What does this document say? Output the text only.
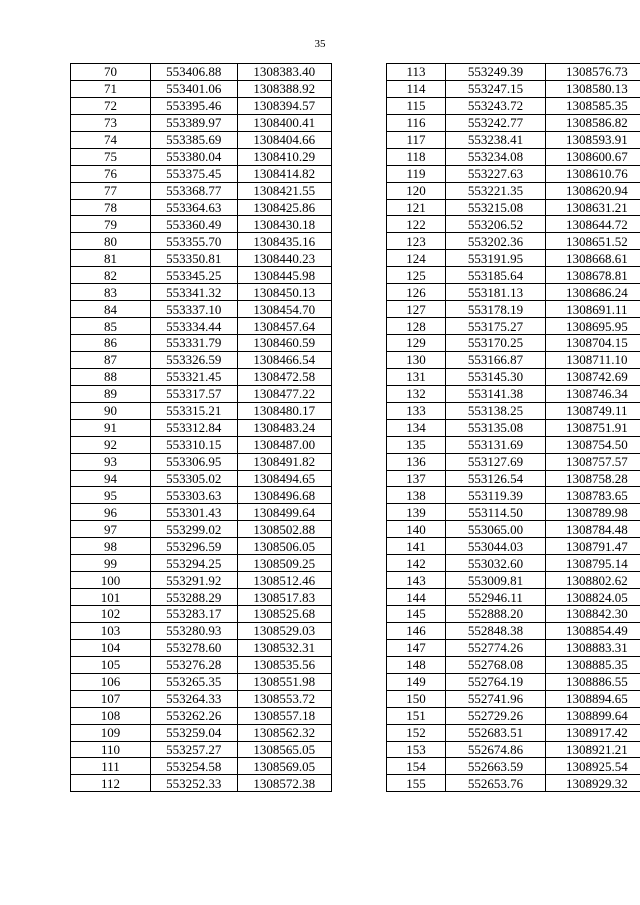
35
70	553406.88	1308383.40
71	553401.06	1308388.92
72	553395.46	1308394.57
73	553389.97	1308400.41
74	553385.69	1308404.66
75	553380.04	1308410.29
76	553375.45	1308414.82
77	553368.77	1308421.55
78	553364.63	1308425.86
79	553360.49	1308430.18
80	553355.70	1308435.16
81	553350.81	1308440.23
82	553345.25	1308445.98
83	553341.32	1308450.13
84	553337.10	1308454.70
85	553334.44	1308457.64
86	553331.79	1308460.59
87	553326.59	1308466.54
88	553321.45	1308472.58
89	553317.57	1308477.22
90	553315.21	1308480.17
91	553312.84	1308483.24
92	553310.15	1308487.00
93	553306.95	1308491.82
94	553305.02	1308494.65
95	553303.63	1308496.68
96	553301.43	1308499.64
97	553299.02	1308502.88
98	553296.59	1308506.05
99	553294.25	1308509.25
100	553291.92	1308512.46
101	553288.29	1308517.83
102	553283.17	1308525.68
103	553280.93	1308529.03
104	553278.60	1308532.31
105	553276.28	1308535.56
106	553265.35	1308551.98
107	553264.33	1308553.72
108	553262.26	1308557.18
109	553259.04	1308562.32
110	553257.27	1308565.05
111	553254.58	1308569.05
112	553252.33	1308572.38
113	553249.39	1308576.73
114	553247.15	1308580.13
115	553243.72	1308585.35
116	553242.77	1308586.82
117	553238.41	1308593.91
118	553234.08	1308600.67
119	553227.63	1308610.76
120	553221.35	1308620.94
121	553215.08	1308631.21
122	553206.52	1308644.72
123	553202.36	1308651.52
124	553191.95	1308668.61
125	553185.64	1308678.81
126	553181.13	1308686.24
127	553178.19	1308691.11
128	553175.27	1308695.95
129	553170.25	1308704.15
130	553166.87	1308711.10
131	553145.30	1308742.69
132	553141.38	1308746.34
133	553138.25	1308749.11
134	553135.08	1308751.91
135	553131.69	1308754.50
136	553127.69	1308757.57
137	553126.54	1308758.28
138	553119.39	1308783.65
139	553114.50	1308789.98
140	553065.00	1308784.48
141	553044.03	1308791.47
142	553032.60	1308795.14
143	553009.81	1308802.62
144	552946.11	1308824.05
145	552888.20	1308842.30
146	552848.38	1308854.49
147	552774.26	1308883.31
148	552768.08	1308885.35
149	552764.19	1308886.55
150	552741.96	1308894.65
151	552729.26	1308899.64
152	552683.51	1308917.42
153	552674.86	1308921.21
154	552663.59	1308925.54
155	552653.76	1308929.32
